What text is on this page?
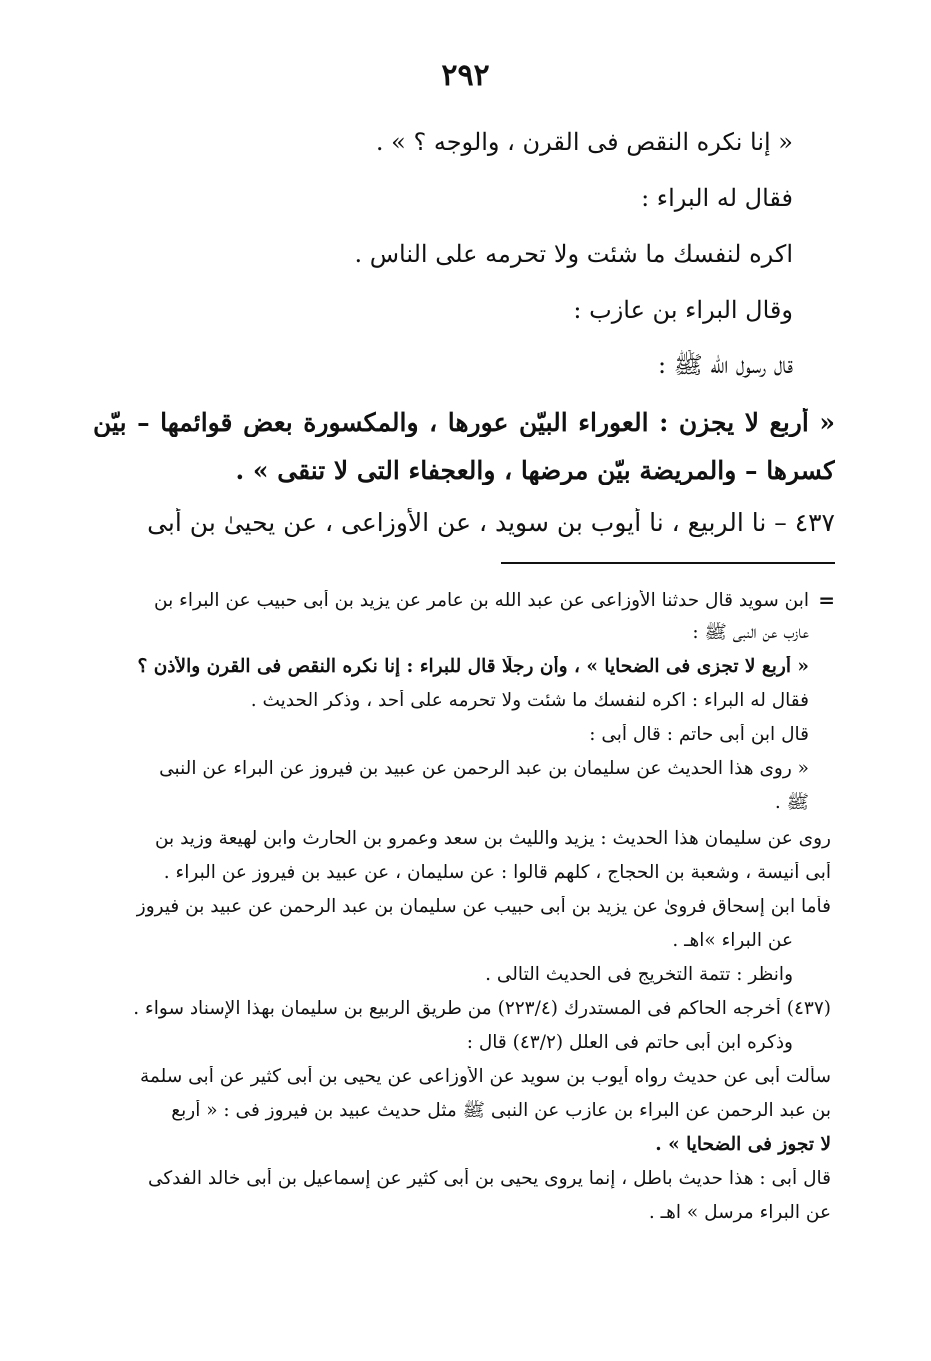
٢٩٢
« إنا نكره النقص فى القرن ، والوجه ؟ » .
فقال له البراء :
اكره لنفسك ما شئت ولا تحرمه على الناس .
وقال البراء بن عازب :
قال رسول الله ﷺ :
« أربع لا يجزن : العوراء البيّن عورها ، والمكسورة بعض قوائمها – بيّن
كسرها – والمريضة بيّن مرضها ، والعجفاء التى لا تنقى » .
٤٣٧ – نا الربيع ، نا أيوب بن سويد ، عن الأوزاعى ، عن يحيىٰ بن أبى
=
ابن سويد قال حدثنا الأوزاعى عن عبد الله بن عامر عن يزيد بن أبى حبيب عن البراء بن
عازب عن النبى ﷺ :
« أربع لا تجزى فى الضحايا » ، وأن رجلًا قال للبراء : إنا نكره النقص فى القرن والأذن ؟
فقال له البراء : اكره لنفسك ما شئت ولا تحرمه على أحد ، وذكر الحديث .
قال ابن أبى حاتم : قال أبى :
« روى هذا الحديث عن سليمان بن عبد الرحمن عن عبيد بن فيروز عن البراء عن النبى
ﷺ .
روى عن سليمان هذا الحديث : يزيد والليث بن سعد وعمرو بن الحارث وابن لهيعة وزيد بن
أبى أنيسة ، وشعبة بن الحجاج ، كلهم قالوا : عن سليمان ، عن عبيد بن فيروز عن البراء .
فأما ابن إسحاق فروىٰ عن يزيد بن أبى حبيب عن سليمان بن عبد الرحمن عن عبيد بن فيروز
عن البراء »اهـ .
وانظر : تتمة التخريج فى الحديث التالى .
(٤٣٧) أخرجه الحاكم فى المستدرك (٢٢٣/٤) من طريق الربيع بن سليمان بهذا الإسناد سواء .
وذكره ابن أبى حاتم فى العلل (٤٣/٢) قال :
سألت أبى عن حديث رواه أيوب بن سويد عن الأوزاعى عن يحيى بن أبى كثير عن أبى سلمة
بن عبد الرحمن عن البراء بن عازب عن النبى ﷺ مثل حديث عبيد بن فيروز فى : « أربع
لا تجوز فى الضحايا » .
قال أبى : هذا حديث باطل ، إنما يروى يحيى بن أبى كثير عن إسماعيل بن أبى خالد الفدكى
عن البراء مرسل » اهـ .
